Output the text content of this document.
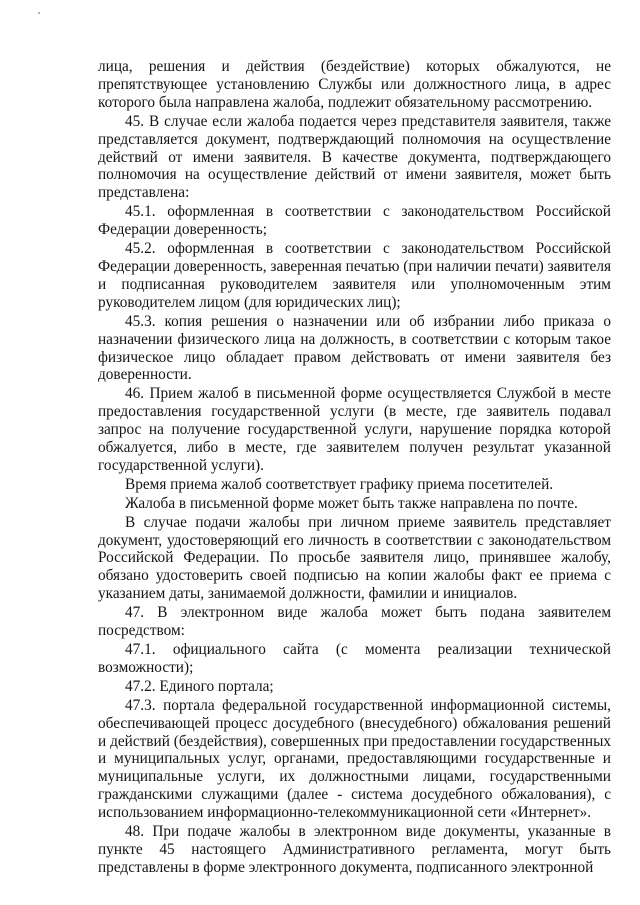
лица, решения и действия (бездействие) которых обжалуются, не препятствующее установлению Службы или должностного лица, в адрес которого была направлена жалоба, подлежит обязательному рассмотрению.

45. В случае если жалоба подается через представителя заявителя, также представляется документ, подтверждающий полномочия на осуществление действий от имени заявителя. В качестве документа, подтверждающего полномочия на осуществление действий от имени заявителя, может быть представлена:

45.1. оформленная в соответствии с законодательством Российской Федерации доверенность;

45.2. оформленная в соответствии с законодательством Российской Федерации доверенность, заверенная печатью (при наличии печати) заявителя и подписанная руководителем заявителя или уполномоченным этим руководителем лицом (для юридических лиц);

45.3. копия решения о назначении или об избрании либо приказа о назначении физического лица на должность, в соответствии с которым такое физическое лицо обладает правом действовать от имени заявителя без доверенности.

46. Прием жалоб в письменной форме осуществляется Службой в месте предоставления государственной услуги (в месте, где заявитель подавал запрос на получение государственной услуги, нарушение порядка которой обжалуется, либо в месте, где заявителем получен результат указанной государственной услуги).

Время приема жалоб соответствует графику приема посетителей.

Жалоба в письменной форме может быть также направлена по почте.

В случае подачи жалобы при личном приеме заявитель представляет документ, удостоверяющий его личность в соответствии с законодательством Российской Федерации. По просьбе заявителя лицо, принявшее жалобу, обязано удостоверить своей подписью на копии жалобы факт ее приема с указанием даты, занимаемой должности, фамилии и инициалов.

47. В электронном виде жалоба может быть подана заявителем посредством:

47.1. официального сайта (с момента реализации технической возможности);

47.2. Единого портала;

47.3. портала федеральной государственной информационной системы, обеспечивающей процесс досудебного (внесудебного) обжалования решений и действий (бездействия), совершенных при предоставлении государственных и муниципальных услуг, органами, предоставляющими государственные и муниципальные услуги, их должностными лицами, государственными гражданскими служащими (далее - система досудебного обжалования), с использованием информационно-телекоммуникационной сети «Интернет».

48. При подаче жалобы в электронном виде документы, указанные в пункте 45 настоящего Административного регламента, могут быть представлены в форме электронного документа, подписанного электронной
